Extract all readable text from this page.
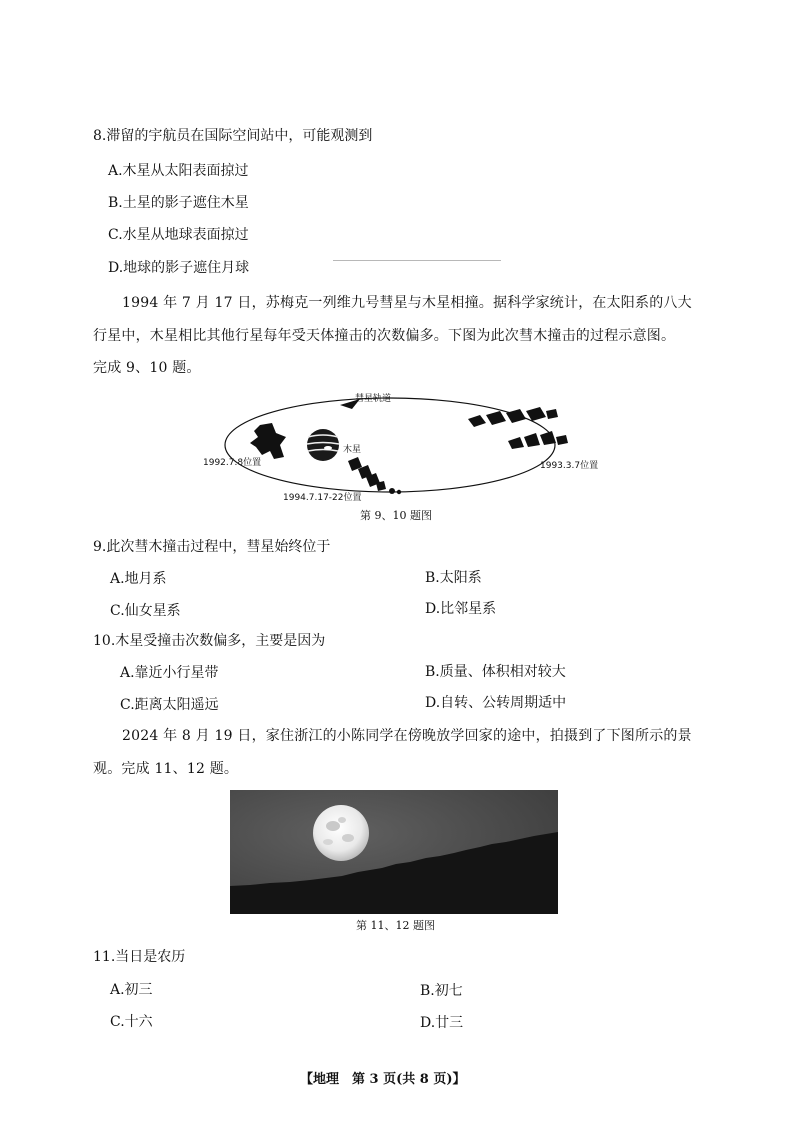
8.滞留的宇航员在国际空间站中，可能观测到
A.木星从太阳表面掠过
B.土星的影子遮住木星
C.水星从地球表面掠过
D.地球的影子遮住月球
1994 年 7 月 17 日，苏梅克一列维九号彗星与木星相撞。据科学家统计，在太阳系的八大
行星中，木星相比其他行星每年受天体撞击的次数偏多。下图为此次彗木撞击的过程示意图。
完成 9、10 题。
彗星轨道
木星
1992.7.8位置	1993.3.7位置
1994.7.17-22位置
第 9、10 题图
9.此次彗木撞击过程中，彗星始终位于
A.地月系	B.太阳系
C.仙女星系	D.比邻星系
10.木星受撞击次数偏多，主要是因为
A.靠近小行星带	B.质量、体积相对较大
C.距离太阳遥远	D.自转、公转周期适中
2024 年 8 月 19 日，家住浙江的小陈同学在傍晚放学回家的途中，拍摄到了下图所示的景
观。完成 11、12 题。
第 11、12 题图
11.当日是农历
A.初三	B.初七
C.十六	D.廿三
【地理　第 3 页(共 8 页)】
